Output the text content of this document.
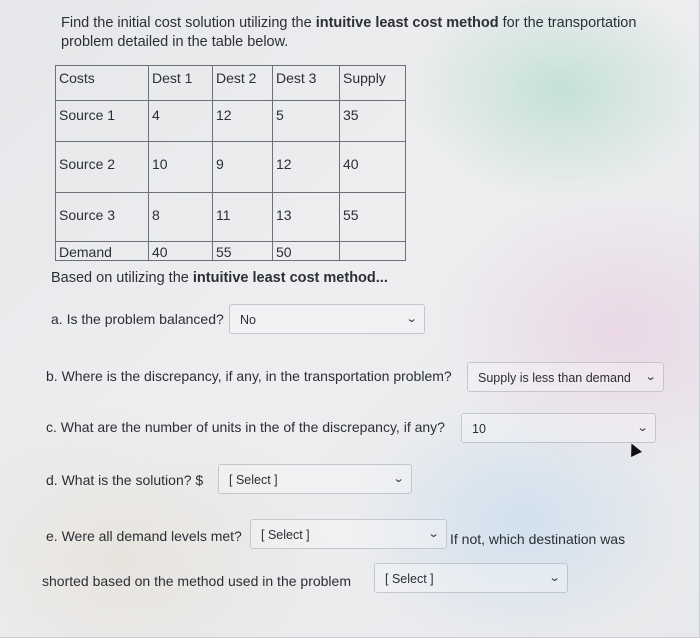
Find the initial cost solution utilizing the intuitive least cost method for the transportation problem detailed in the table below.
Costs	Dest 1	Dest 2	Dest 3	Supply
Source 1	4	12	5	35
Source 2	10	9	12	40
Source 3	8	11	13	55
Demand	40	55	50	
Based on utilizing the intuitive least cost method...
a. Is the problem balanced? No	⌄
b. Where is the discrepancy, if any, in the transportation problem? Supply is less than demand ⌄
c. What are the number of units in the of the discrepancy, if any? 10	⌄
d. What is the solution? $ [ Select ]	⌄
e. Were all demand levels met? [ Select ]	⌄ If not, which destination was
shorted based on the method used in the problem	[ Select ]	⌄
